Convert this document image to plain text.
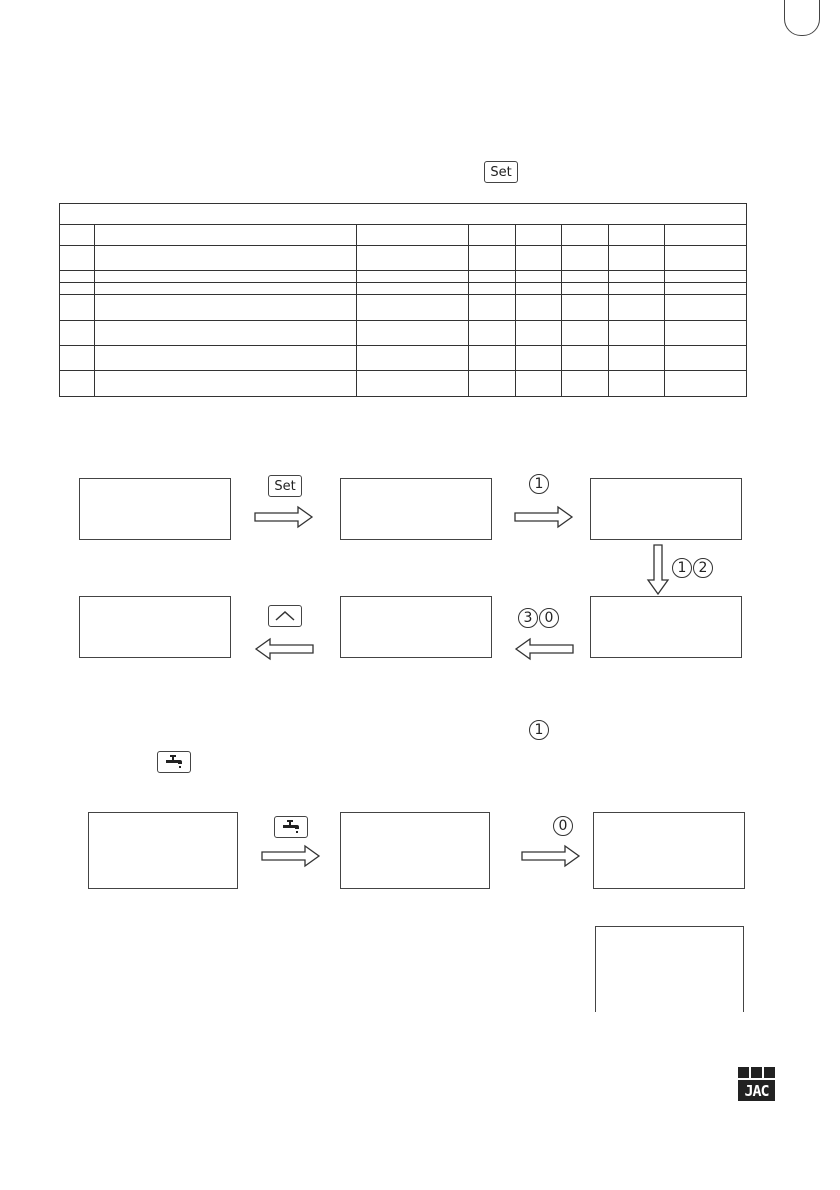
Set

Set	1
1 2
3 0
1
0
JAC
